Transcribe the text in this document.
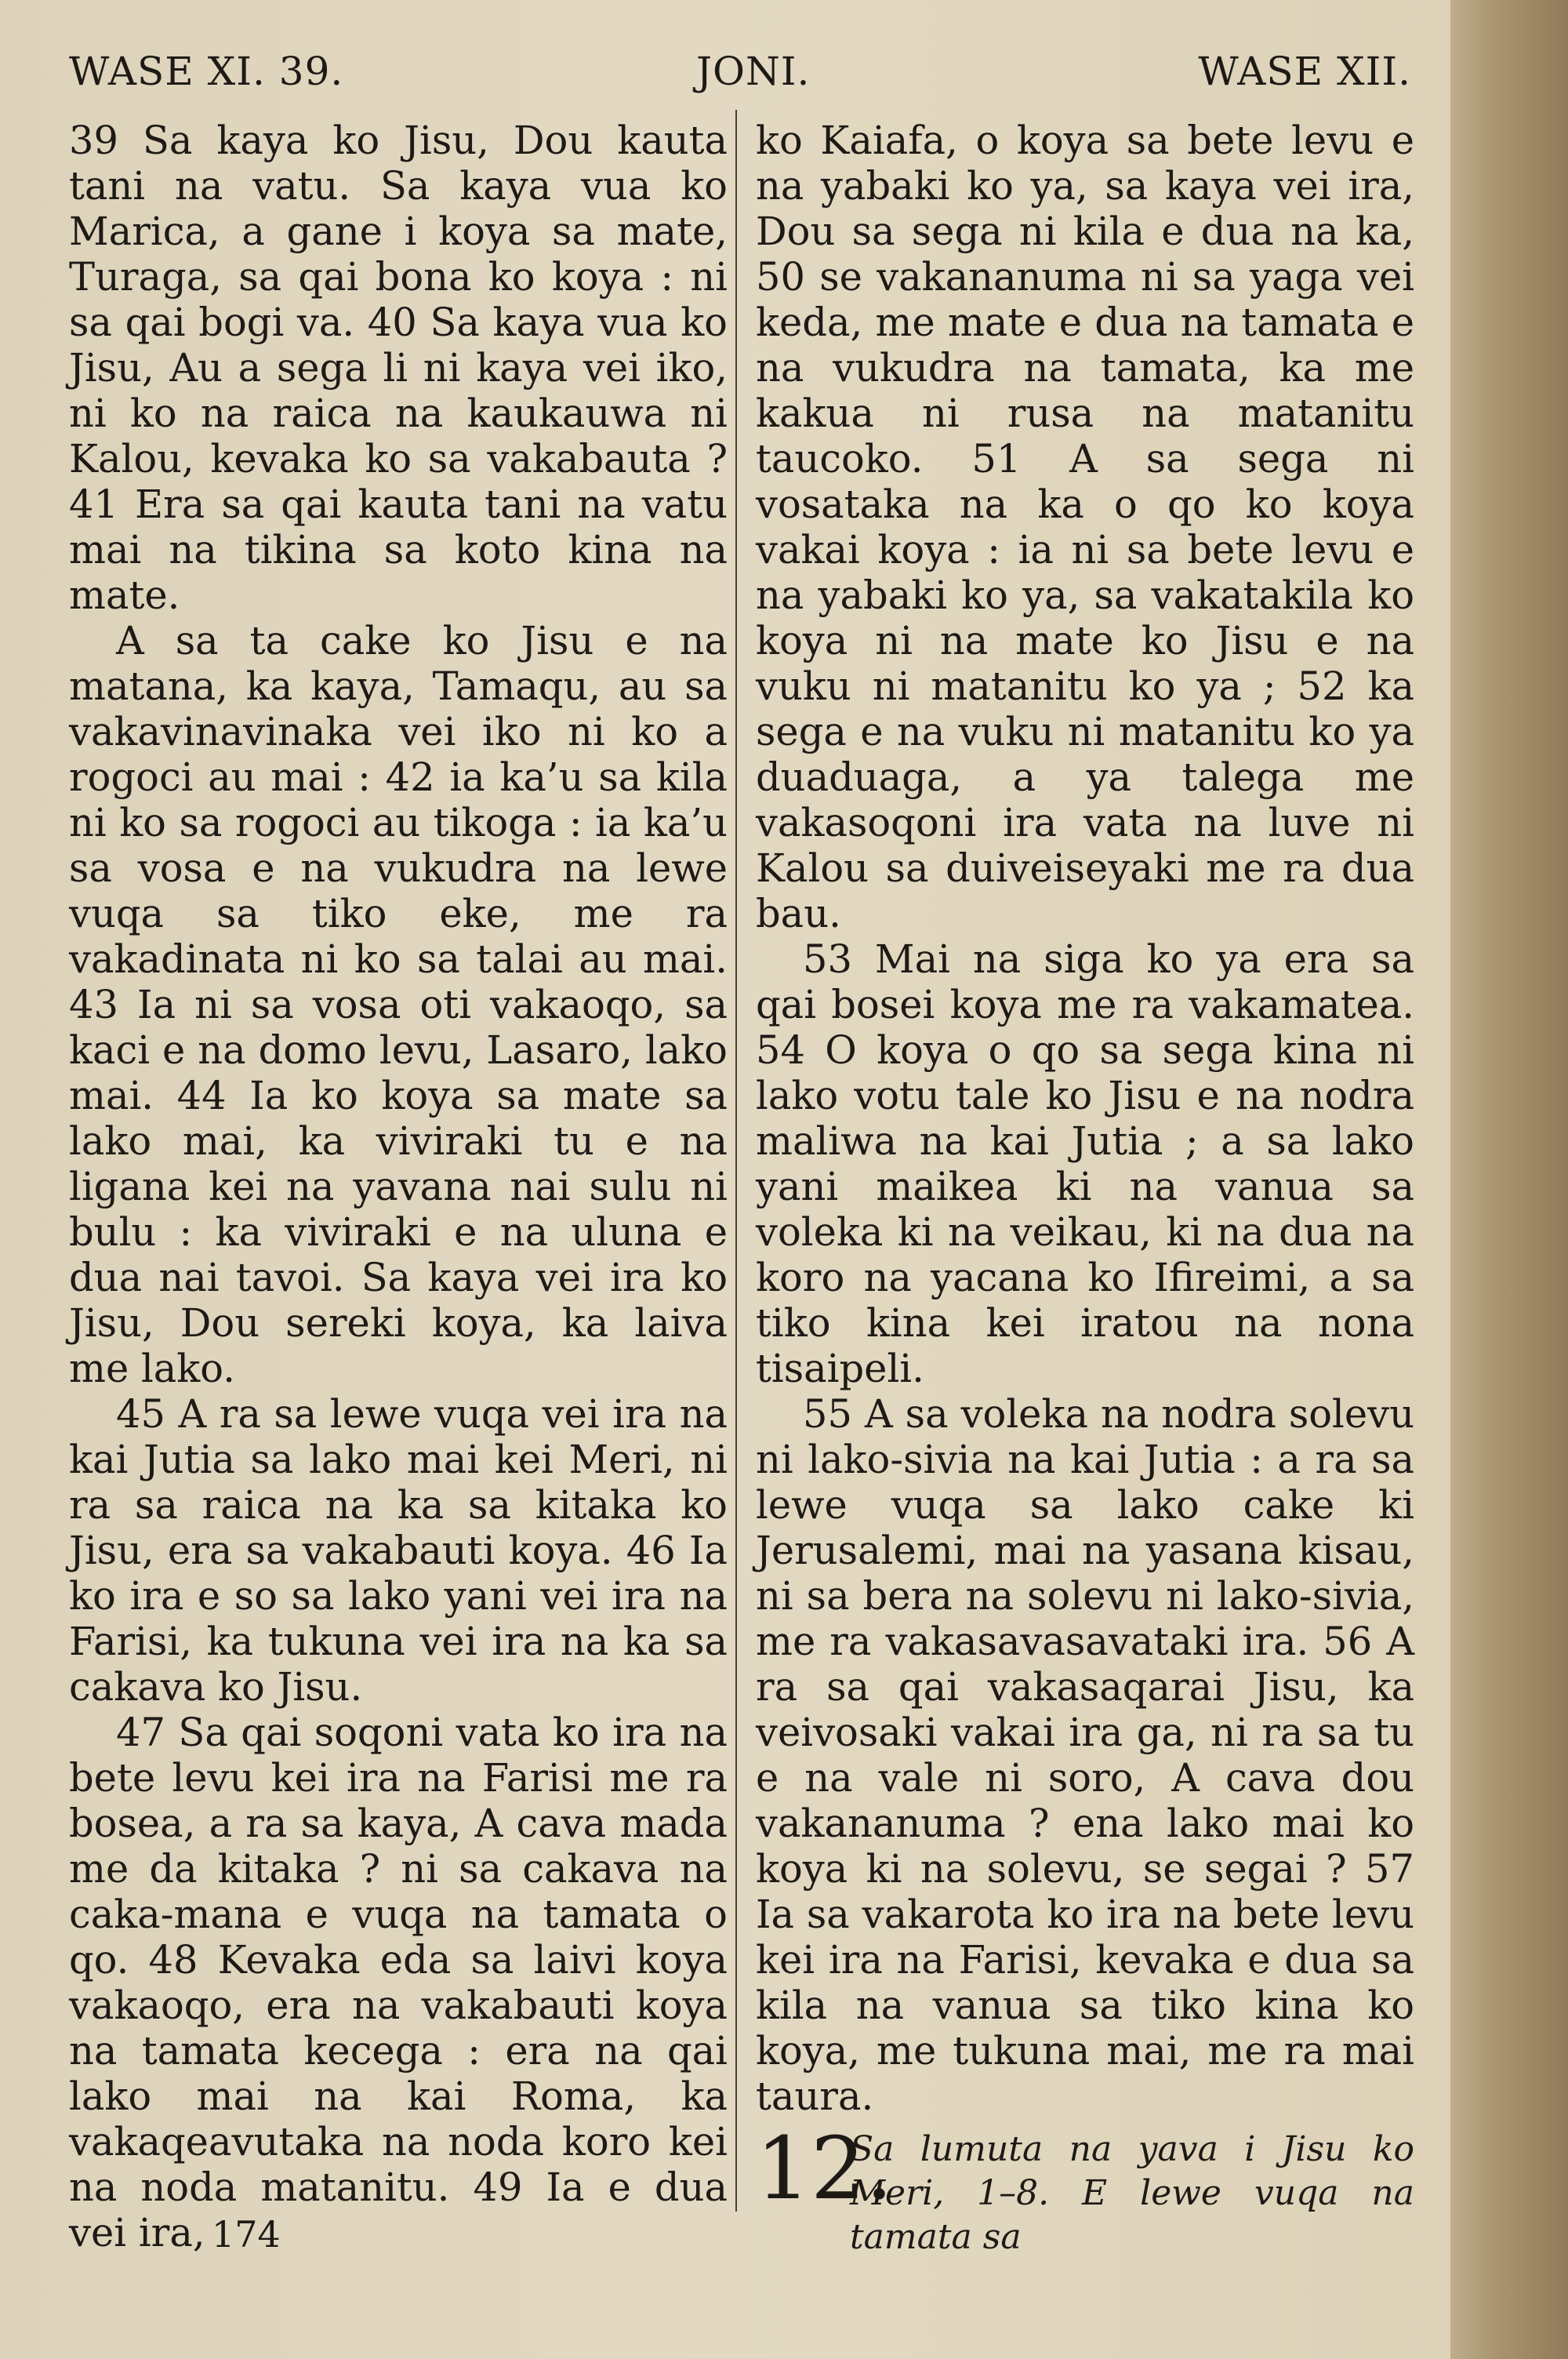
WASE XI. 39.	JONI.	WASE XII.

39 Sa kaya ko Jisu, Dou kauta tani na vatu. Sa kaya vua ko Marica, a gane i koya sa mate, Turaga, sa qai bona ko koya : ni sa qai bogi va. 40 Sa kaya vua ko Jisu, Au a sega li ni kaya vei iko, ni ko na raica na kaukauwa ni Kalou, kevaka ko sa vakabauta ? 41 Era sa qai kauta tani na vatu mai na tikina sa koto kina na mate.

A sa ta cake ko Jisu e na matana, ka kaya, Tamaqu, au sa vakavinavinaka vei iko ni ko a rogoci au mai : 42 ia ka’u sa kila ni ko sa rogoci au tikoga : ia ka’u sa vosa e na vukudra na lewe vuqa sa tiko eke, me ra vakadinata ni ko sa talai au mai. 43 Ia ni sa vosa oti vakaoqo, sa kaci e na domo levu, Lasaro, lako mai. 44 Ia ko koya sa mate sa lako mai, ka viviraki tu e na ligana kei na yavana nai sulu ni bulu : ka viviraki e na uluna e dua nai tavoi. Sa kaya vei ira ko Jisu, Dou sereki koya, ka laiva me lako.

45 A ra sa lewe vuqa vei ira na kai Jutia sa lako mai kei Meri, ni ra sa raica na ka sa kitaka ko Jisu, era sa vakabauti koya. 46 Ia ko ira e so sa lako yani vei ira na Farisi, ka tukuna vei ira na ka sa cakava ko Jisu.

47 Sa qai soqoni vata ko ira na bete levu kei ira na Farisi me ra bosea, a ra sa kaya, A cava mada me da kitaka ? ni sa cakava na caka-mana e vuqa na tamata o qo. 48 Kevaka eda sa laivi koya vakaoqo, era na vakabauti koya na tamata kecega : era na qai lako mai na kai Roma, ka vakaqeavutaka na noda koro kei na noda matanitu. 49 Ia e dua vei ira,

ko Kaiafa, o koya sa bete levu e na yabaki ko ya, sa kaya vei ira, Dou sa sega ni kila e dua na ka, 50 se vakananuma ni sa yaga vei keda, me mate e dua na tamata e na vukudra na tamata, ka me kakua ni rusa na matanitu taucoko. 51 A sa sega ni vosataka na ka o qo ko koya vakai koya : ia ni sa bete levu e na yabaki ko ya, sa vakatakila ko koya ni na mate ko Jisu e na vuku ni matanitu ko ya ; 52 ka sega e na vuku ni matanitu ko ya duaduaga, a ya talega me vakasoqoni ira vata na luve ni Kalou sa duiveiseyaki me ra dua bau.

53 Mai na siga ko ya era sa qai bosei koya me ra vakamatea. 54 O koya o qo sa sega kina ni lako votu tale ko Jisu e na nodra maliwa na kai Jutia ; a sa lako yani maikea ki na vanua sa voleka ki na veikau, ki na dua na koro na yacana ko Ifireimi, a sa tiko kina kei iratou na nona tisaipeli.

55 A sa voleka na nodra solevu ni lako-sivia na kai Jutia : a ra sa lewe vuqa sa lako cake ki Jerusalemi, mai na yasana kisau, ni sa bera na solevu ni lako-sivia, me ra vakasavasavataki ira. 56 A ra sa qai vakasaqarai Jisu, ka veivosaki vakai ira ga, ni ra sa tu e na vale ni soro, A cava dou vakananuma ? ena lako mai ko koya ki na solevu, se segai ? 57 Ia sa vakarota ko ira na bete levu kei ira na Farisi, kevaka e dua sa kila na vanua sa tiko kina ko koya, me tukuna mai, me ra mai taura.

12.
Sa lumuta na yava i Jisu ko Meri, 1–8. E lewe vuqa na tamata sa
174
